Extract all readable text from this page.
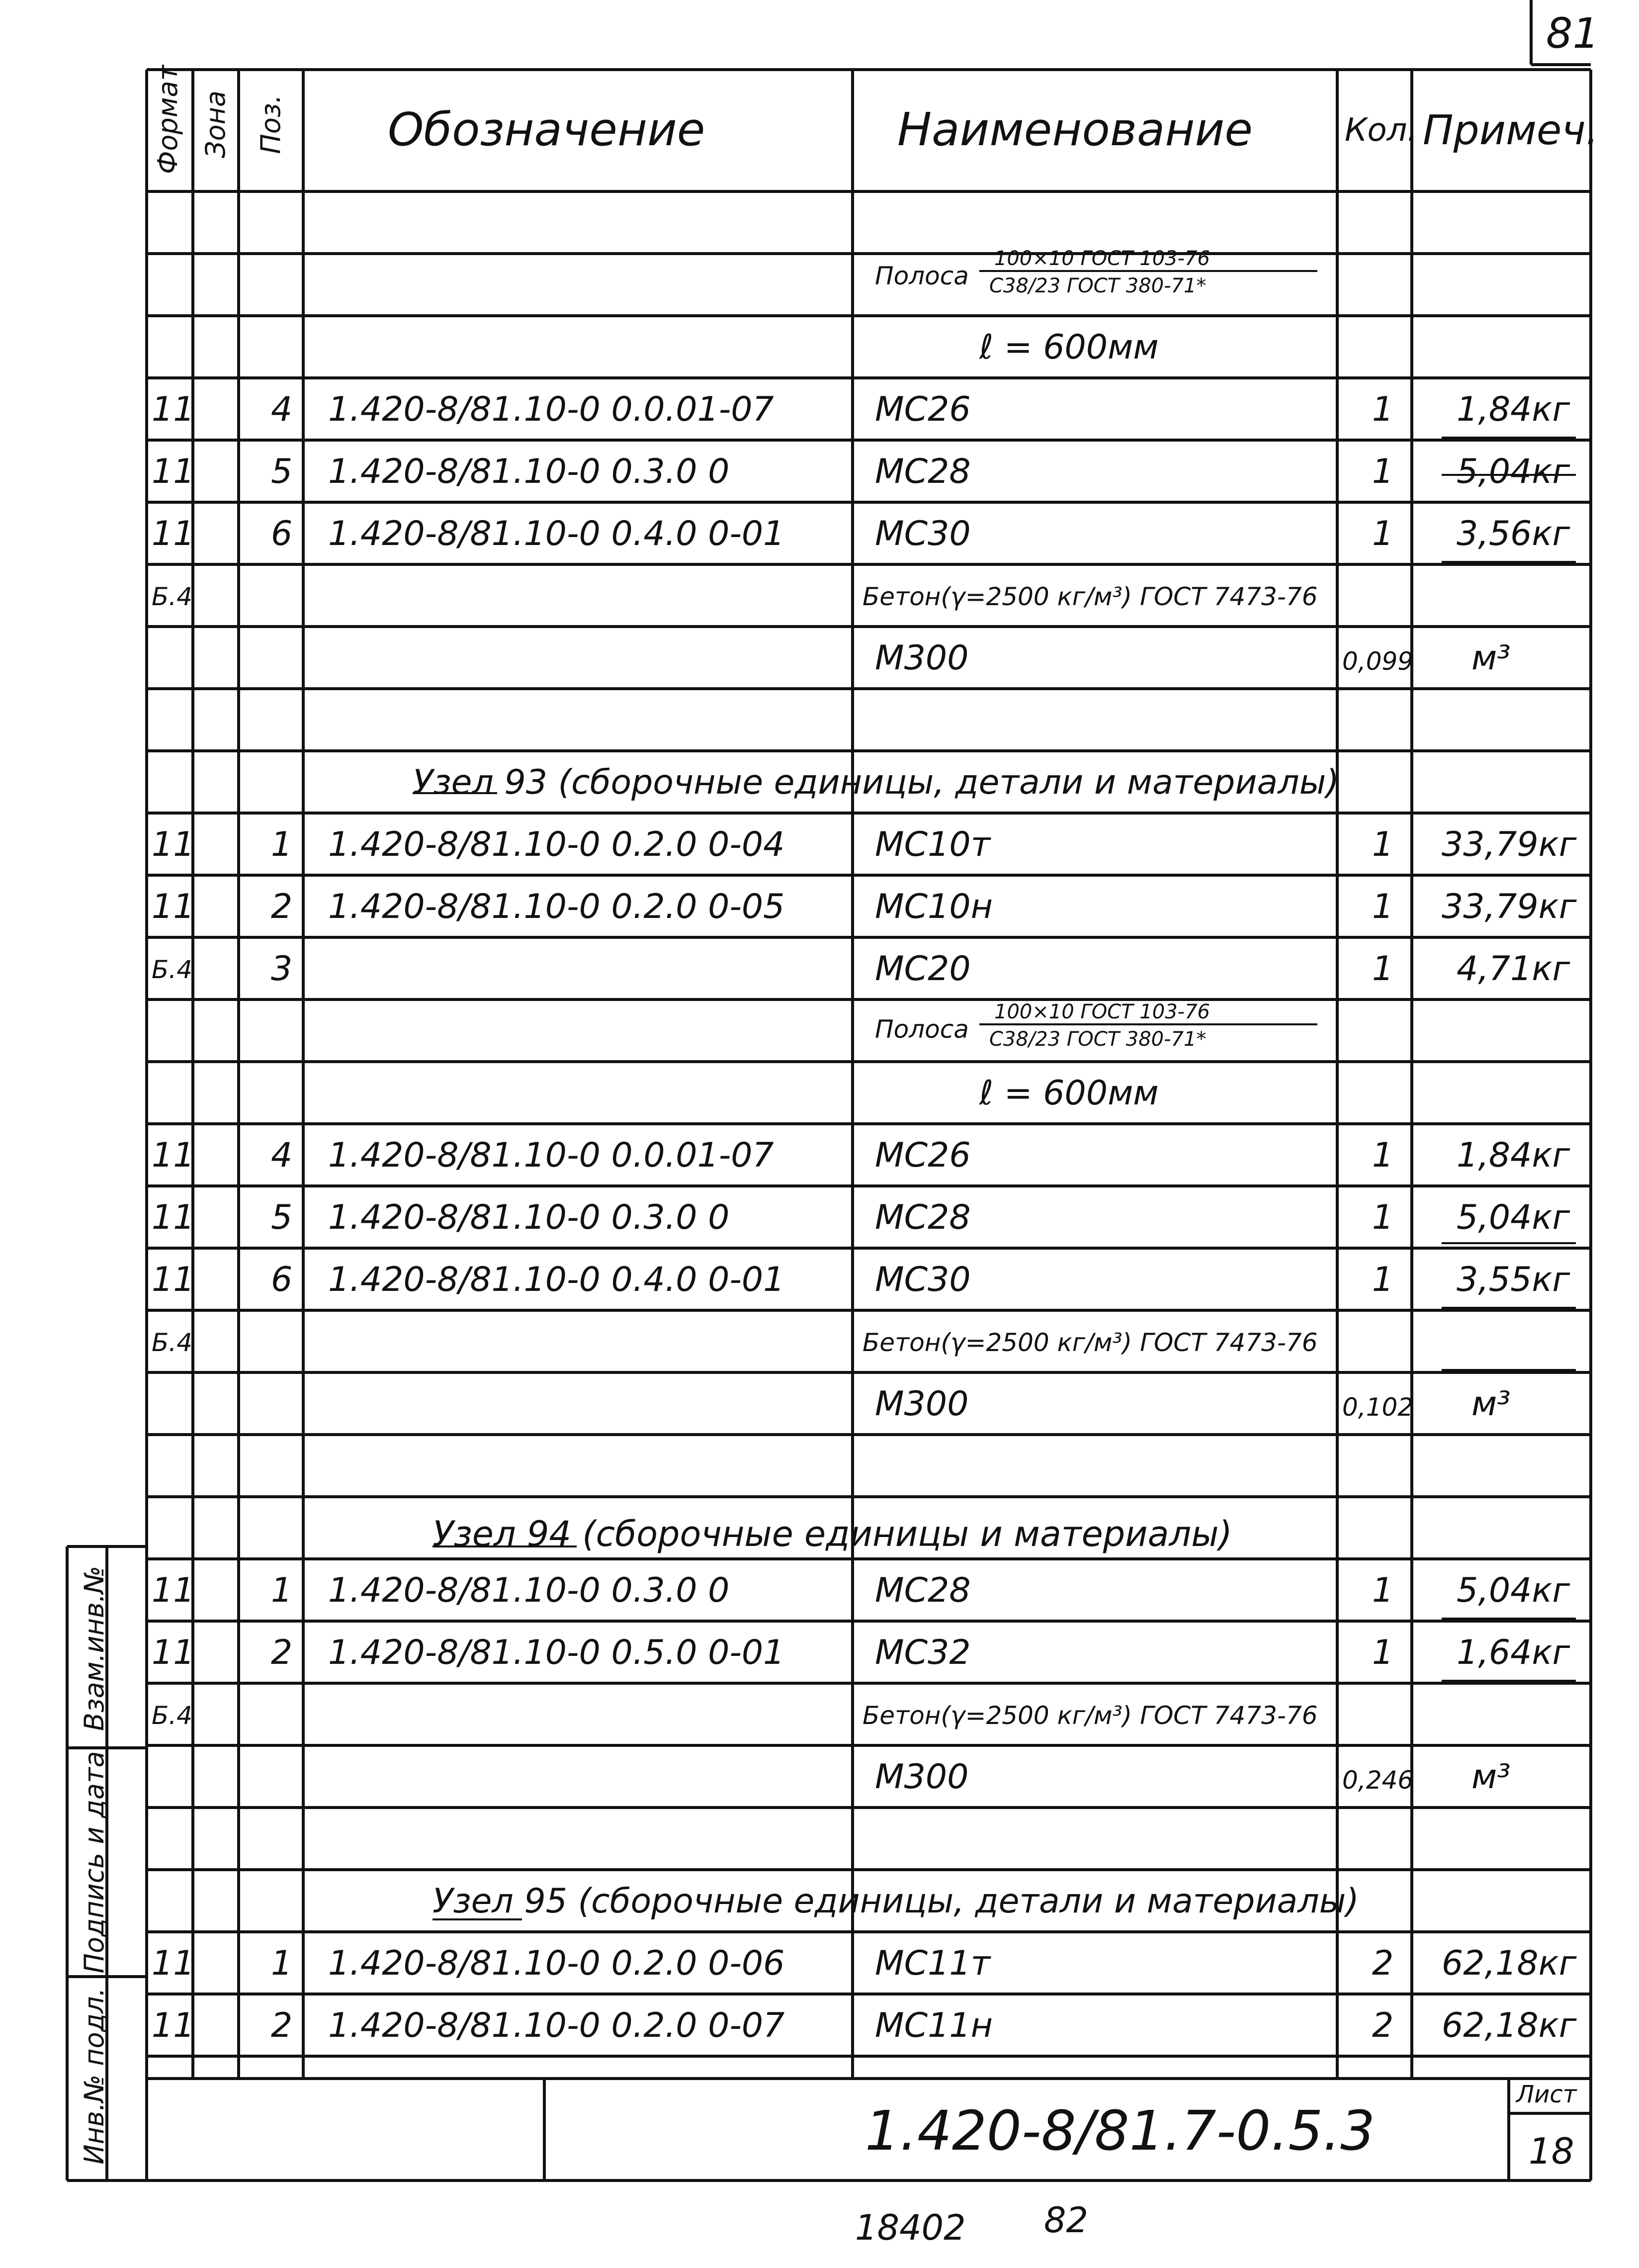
81
Формат Зона Поз. Обозначение	Наименование	Кол. Примеч.
Полоса
100×10 ГОСТ 103-76
С38/23 ГОСТ 380-71*
ℓ = 600мм
11 4 1.420-8/81.10-0 0.0.01-07	МС26	1 1,84кг
11 5 1.420-8/81.10-0 0.3.0 0	МС28	1 5,04кг
11 6 1.420-8/81.10-0 0.4.0 0-01	МС30	1 3,56кг
Б.4	Бетон(γ=2500 кг/м³) ГОСТ 7473-76
М300	0,099 м³
Узел 93 (сборочные единицы, детали и материалы)
11 1 1.420-8/81.10-0 0.2.0 0-04	МС10т	1 33,79кг
11 2 1.420-8/81.10-0 0.2.0 0-05	МС10н	1 33,79кг
Б.4 3	МС20	1 4,71кг
Полоса
100×10 ГОСТ 103-76
С38/23 ГОСТ 380-71*
ℓ = 600мм
11 4 1.420-8/81.10-0 0.0.01-07	МС26	1 1,84кг
11 5 1.420-8/81.10-0 0.3.0 0	МС28	1 5,04кг
11 6 1.420-8/81.10-0 0.4.0 0-01	МС30	1 3,55кг
Б.4	Бетон(γ=2500 кг/м³) ГОСТ 7473-76
М300	0,102 м³
Узел 94 (сборочные единицы и материалы)
11 1 1.420-8/81.10-0 0.3.0 0	МС28	1 5,04кг
11 2 1.420-8/81.10-0 0.5.0 0-01	МС32	1 1,64кг
Б.4	Бетон(γ=2500 кг/м³) ГОСТ 7473-76
М300	0,246 м³
Узел 95 (сборочные единицы, детали и материалы)
11 1 1.420-8/81.10-0 0.2.0 0-06	МС11т	2 62,18кг
11 2 1.420-8/81.10-0 0.2.0 0-07	МС11н	2 62,18кг
Инв.№ подл.
Подпись и дата
Взам.инв.№
1.420-8/81.7-0.5.3
Лист
18
18402 82
